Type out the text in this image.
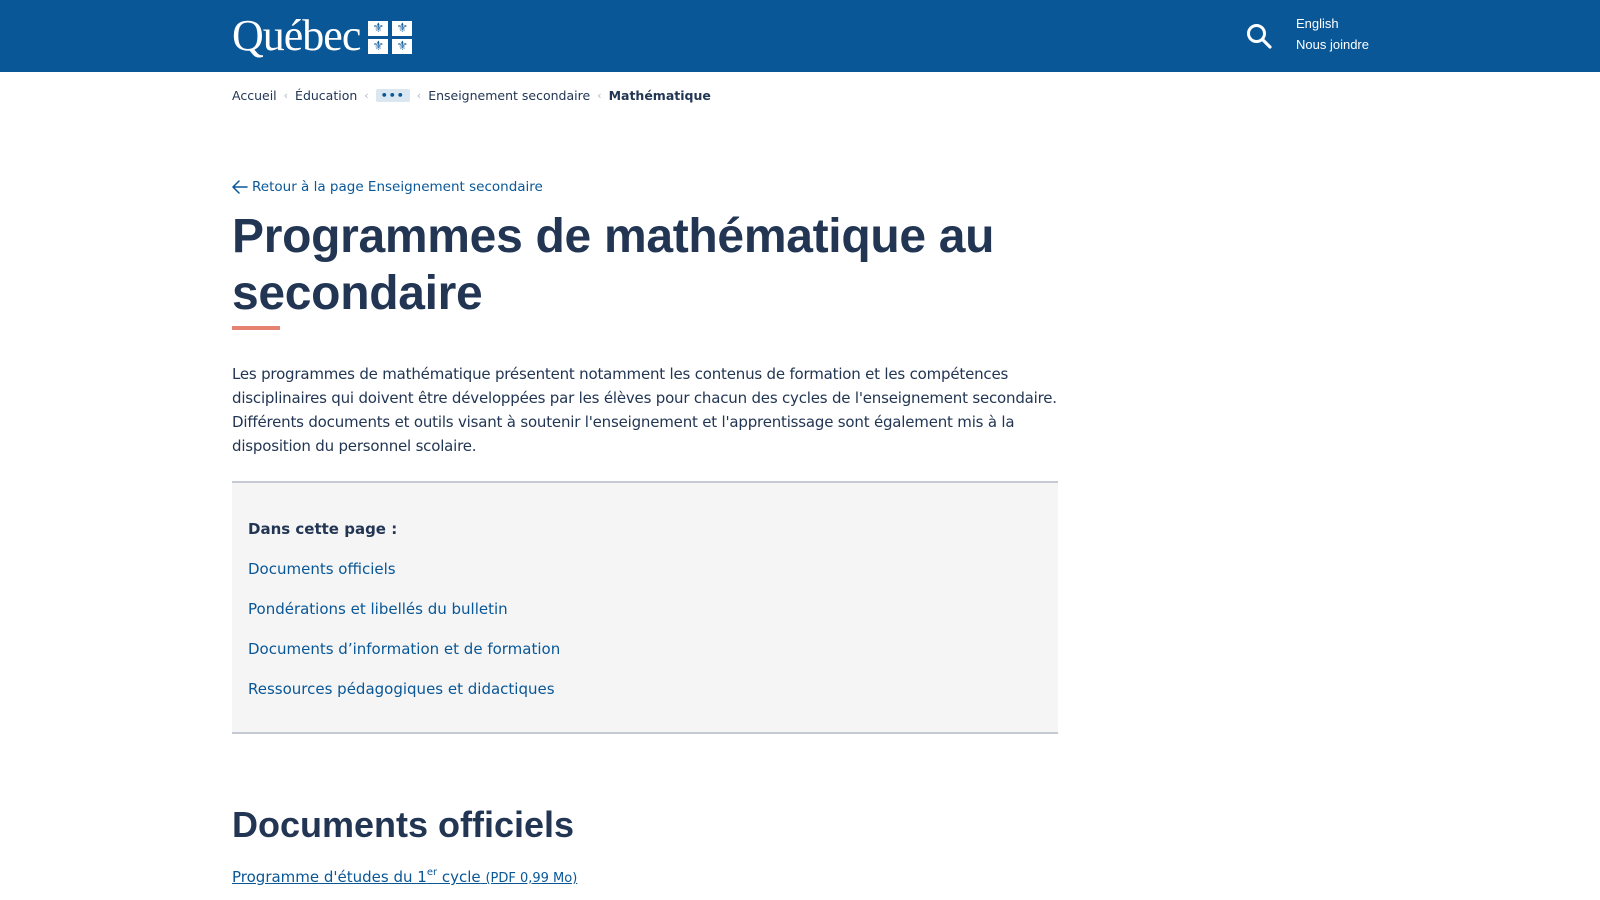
Québec ⚜ ⚜
⚜ ⚜
English
Nous joindre
Accueil ‹ Éducation ‹	•••	‹ Enseignement secondaire ‹ Mathématique
Retour à la page Enseignement secondaire
Programmes de mathématique au secondaire

Les programmes de mathématique présentent notamment les contenus de formation et les compétences disciplinaires qui doivent être développées par les élèves pour chacun des cycles de l'enseignement secondaire. Différents documents et outils visant à soutenir l'enseignement et l'apprentissage sont également mis à la disposition du personnel scolaire.

Dans cette page :
Documents officiels
Pondérations et libellés du bulletin
Documents d’information et de formation
Ressources pédagogiques et didactiques
Documents officiels
Programme d'études du 1er cycle (PDF 0,99 Mo)
